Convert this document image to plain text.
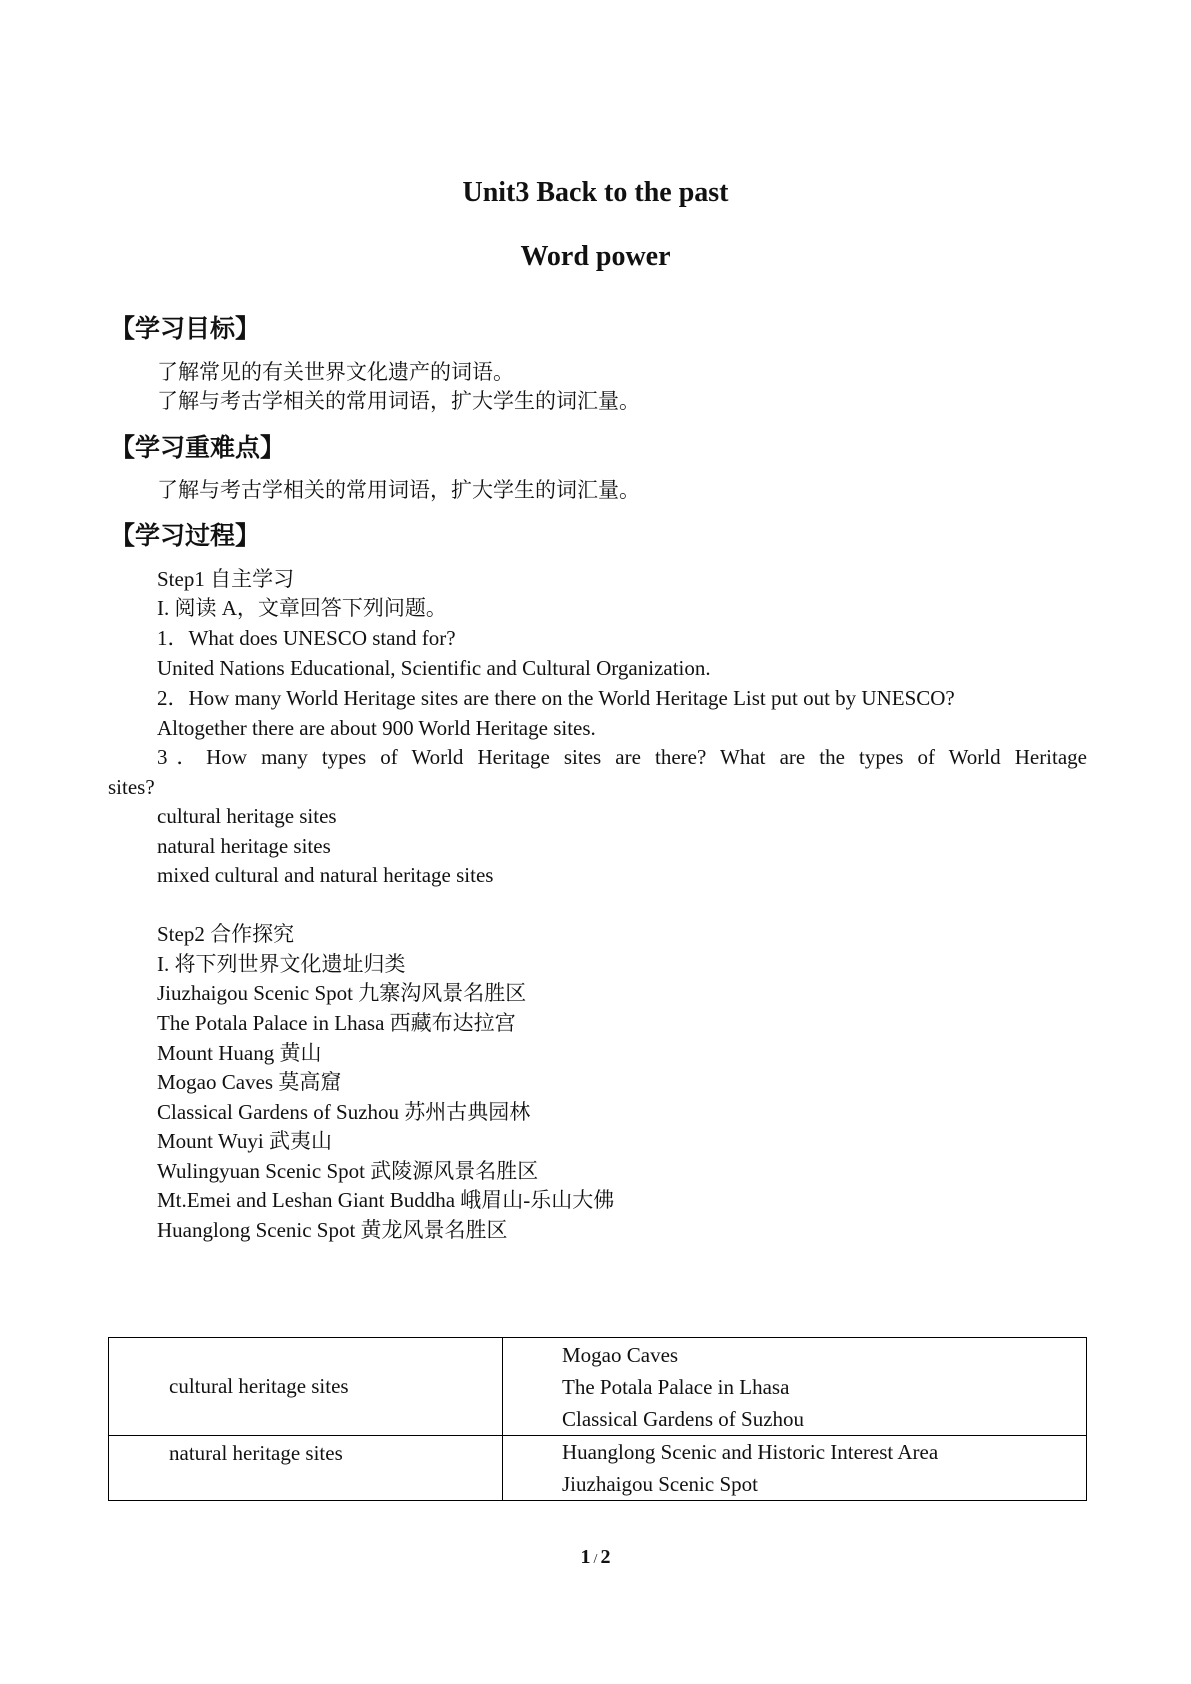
Unit3 Back to the past
Word power
【学习目标】
了解常见的有关世界文化遗产的词语。
了解与考古学相关的常用词语，扩大学生的词汇量。
【学习重难点】
了解与考古学相关的常用词语，扩大学生的词汇量。
【学习过程】
Step1 自主学习
I. 阅读 A，文章回答下列问题。
1．What does UNESCO stand for?
United Nations Educational, Scientific and Cultural Organization.
2．How many World Heritage sites are there on the World Heritage List put out by UNESCO?
Altogether there are about 900 World Heritage sites.
3．How many types of World Heritage sites are there? What are the types of World Heritage
sites?
cultural heritage sites
natural heritage sites
mixed cultural and natural heritage sites
Step2 合作探究
I. 将下列世界文化遗址归类
Jiuzhaigou Scenic Spot 九寨沟风景名胜区
The Potala Palace in Lhasa 西藏布达拉宫
Mount Huang 黄山
Mogao Caves 莫高窟
Classical Gardens of Suzhou 苏州古典园林
Mount Wuyi 武夷山
Wulingyuan Scenic Spot 武陵源风景名胜区
Mt.Emei and Leshan Giant Buddha 峨眉山-乐山大佛
Huanglong Scenic Spot 黄龙风景名胜区
cultural heritage sites	Mogao Caves
The Potala Palace in Lhasa
Classical Gardens of Suzhou

natural heritage sites	Huanglong Scenic and Historic Interest Area
Jiuzhaigou Scenic Spot
1 / 2
